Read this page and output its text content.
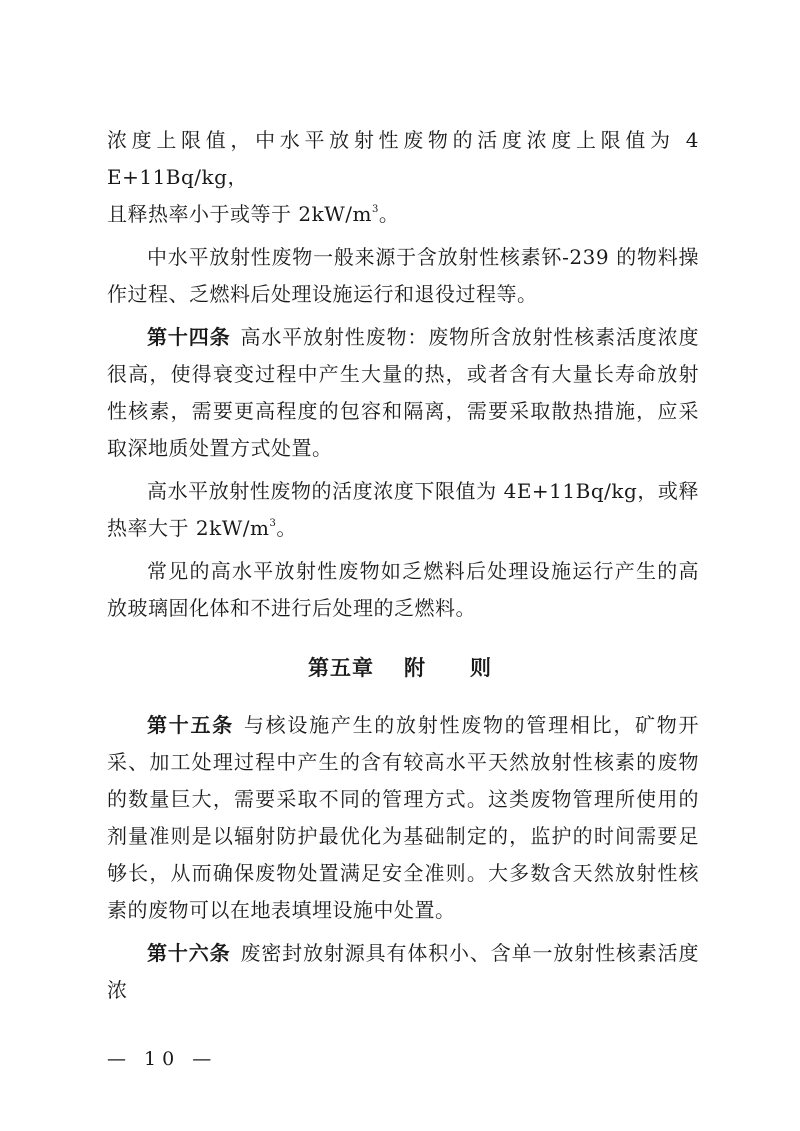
浓度上限值，中水平放射性废物的活度浓度上限值为 4 E+11Bq/kg，
且释热率小于或等于 $2kW/m^3$。

中水平放射性废物一般来源于含放射性核素钚-239 的物料操作过程、乏燃料后处理设施运行和退役过程等。

第十四条 高水平放射性废物：废物所含放射性核素活度浓度很高，使得衰变过程中产生大量的热，或者含有大量长寿命放射性核素，需要更高程度的包容和隔离，需要采取散热措施，应采取深地质处置方式处置。

高水平放射性废物的活度浓度下限值为 4E+11Bq/kg，或释热率大于 $2kW/m^3$。

常见的高水平放射性废物如乏燃料后处理设施运行产生的高放玻璃固化体和不进行后处理的乏燃料。

第五章 附 则

第十五条 与核设施产生的放射性废物的管理相比，矿物开采、加工处理过程中产生的含有较高水平天然放射性核素的废物的数量巨大，需要采取不同的管理方式。这类废物管理所使用的剂量准则是以辐射防护最优化为基础制定的，监护的时间需要足够长，从而确保废物处置满足安全准则。大多数含天然放射性核素的废物可以在地表填埋设施中处置。

第十六条 废密封放射源具有体积小、含单一放射性核素活度浓

— 10 —
